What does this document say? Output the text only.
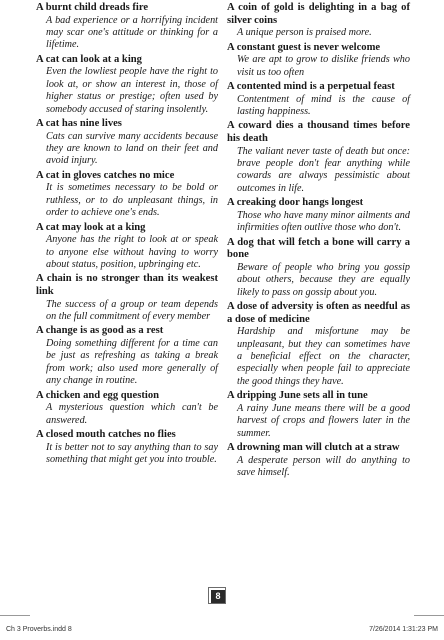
A burnt child dreads fire

A bad experience or a horrifying incident may scar one's attitude or thinking for a lifetime.

A cat can look at a king

Even the lowliest people have the right to look at, or show an interest in, those of higher status or prestige; often used by somebody accused of staring insolently.

A cat has nine lives

Cats can survive many accidents because they are known to land on their feet and avoid injury.

A cat in gloves catches no mice

It is sometimes necessary to be bold or ruthless, or to do unpleasant things, in order to achieve one's ends.

A cat may look at a king

Anyone has the right to look at or speak to anyone else without having to worry about status, position, upbringing etc.

A chain is no stronger than its weakest link

The success of a group or team depends on the full commitment of every member

A change is as good as a rest

Doing something different for a time can be just as refreshing as taking a break from work; also used more generally of any change in routine.

A chicken and egg question

A mysterious question which can't be answered.

A closed mouth catches no flies

It is better not to say anything than to say something that might get you into trouble.

A coin of gold is delighting in a bag of silver coins

A unique person is praised more.

A constant guest is never welcome

We are apt to grow to dislike friends who visit us too often

A contented mind is a perpetual feast

Contentment of mind is the cause of lasting happiness.

A coward dies a thousand times before his death

The valiant never taste of death but once: brave people don't fear anything while cowards are always pessimistic about outcomes in life.

A creaking door hangs longest

Those who have many minor ailments and infirmities often outlive those who don't.

A dog that will fetch a bone will carry a bone

Beware of people who bring you gossip about others, because they are equally likely to pass on gossip about you.

A dose of adversity is often as needful as a dose of medicine

Hardship and misfortune may be unpleasant, but they can sometimes have a beneficial effect on the character, especially when people fail to appreciate the good things they have.

A dripping June sets all in tune

A rainy June means there will be a good harvest of crops and flowers later in the summer.

A drowning man will clutch at a straw

A desperate person will do anything to save himself.

8
Ch 3 Proverbs.indd 8	7/26/2014 1:31:23 PM
